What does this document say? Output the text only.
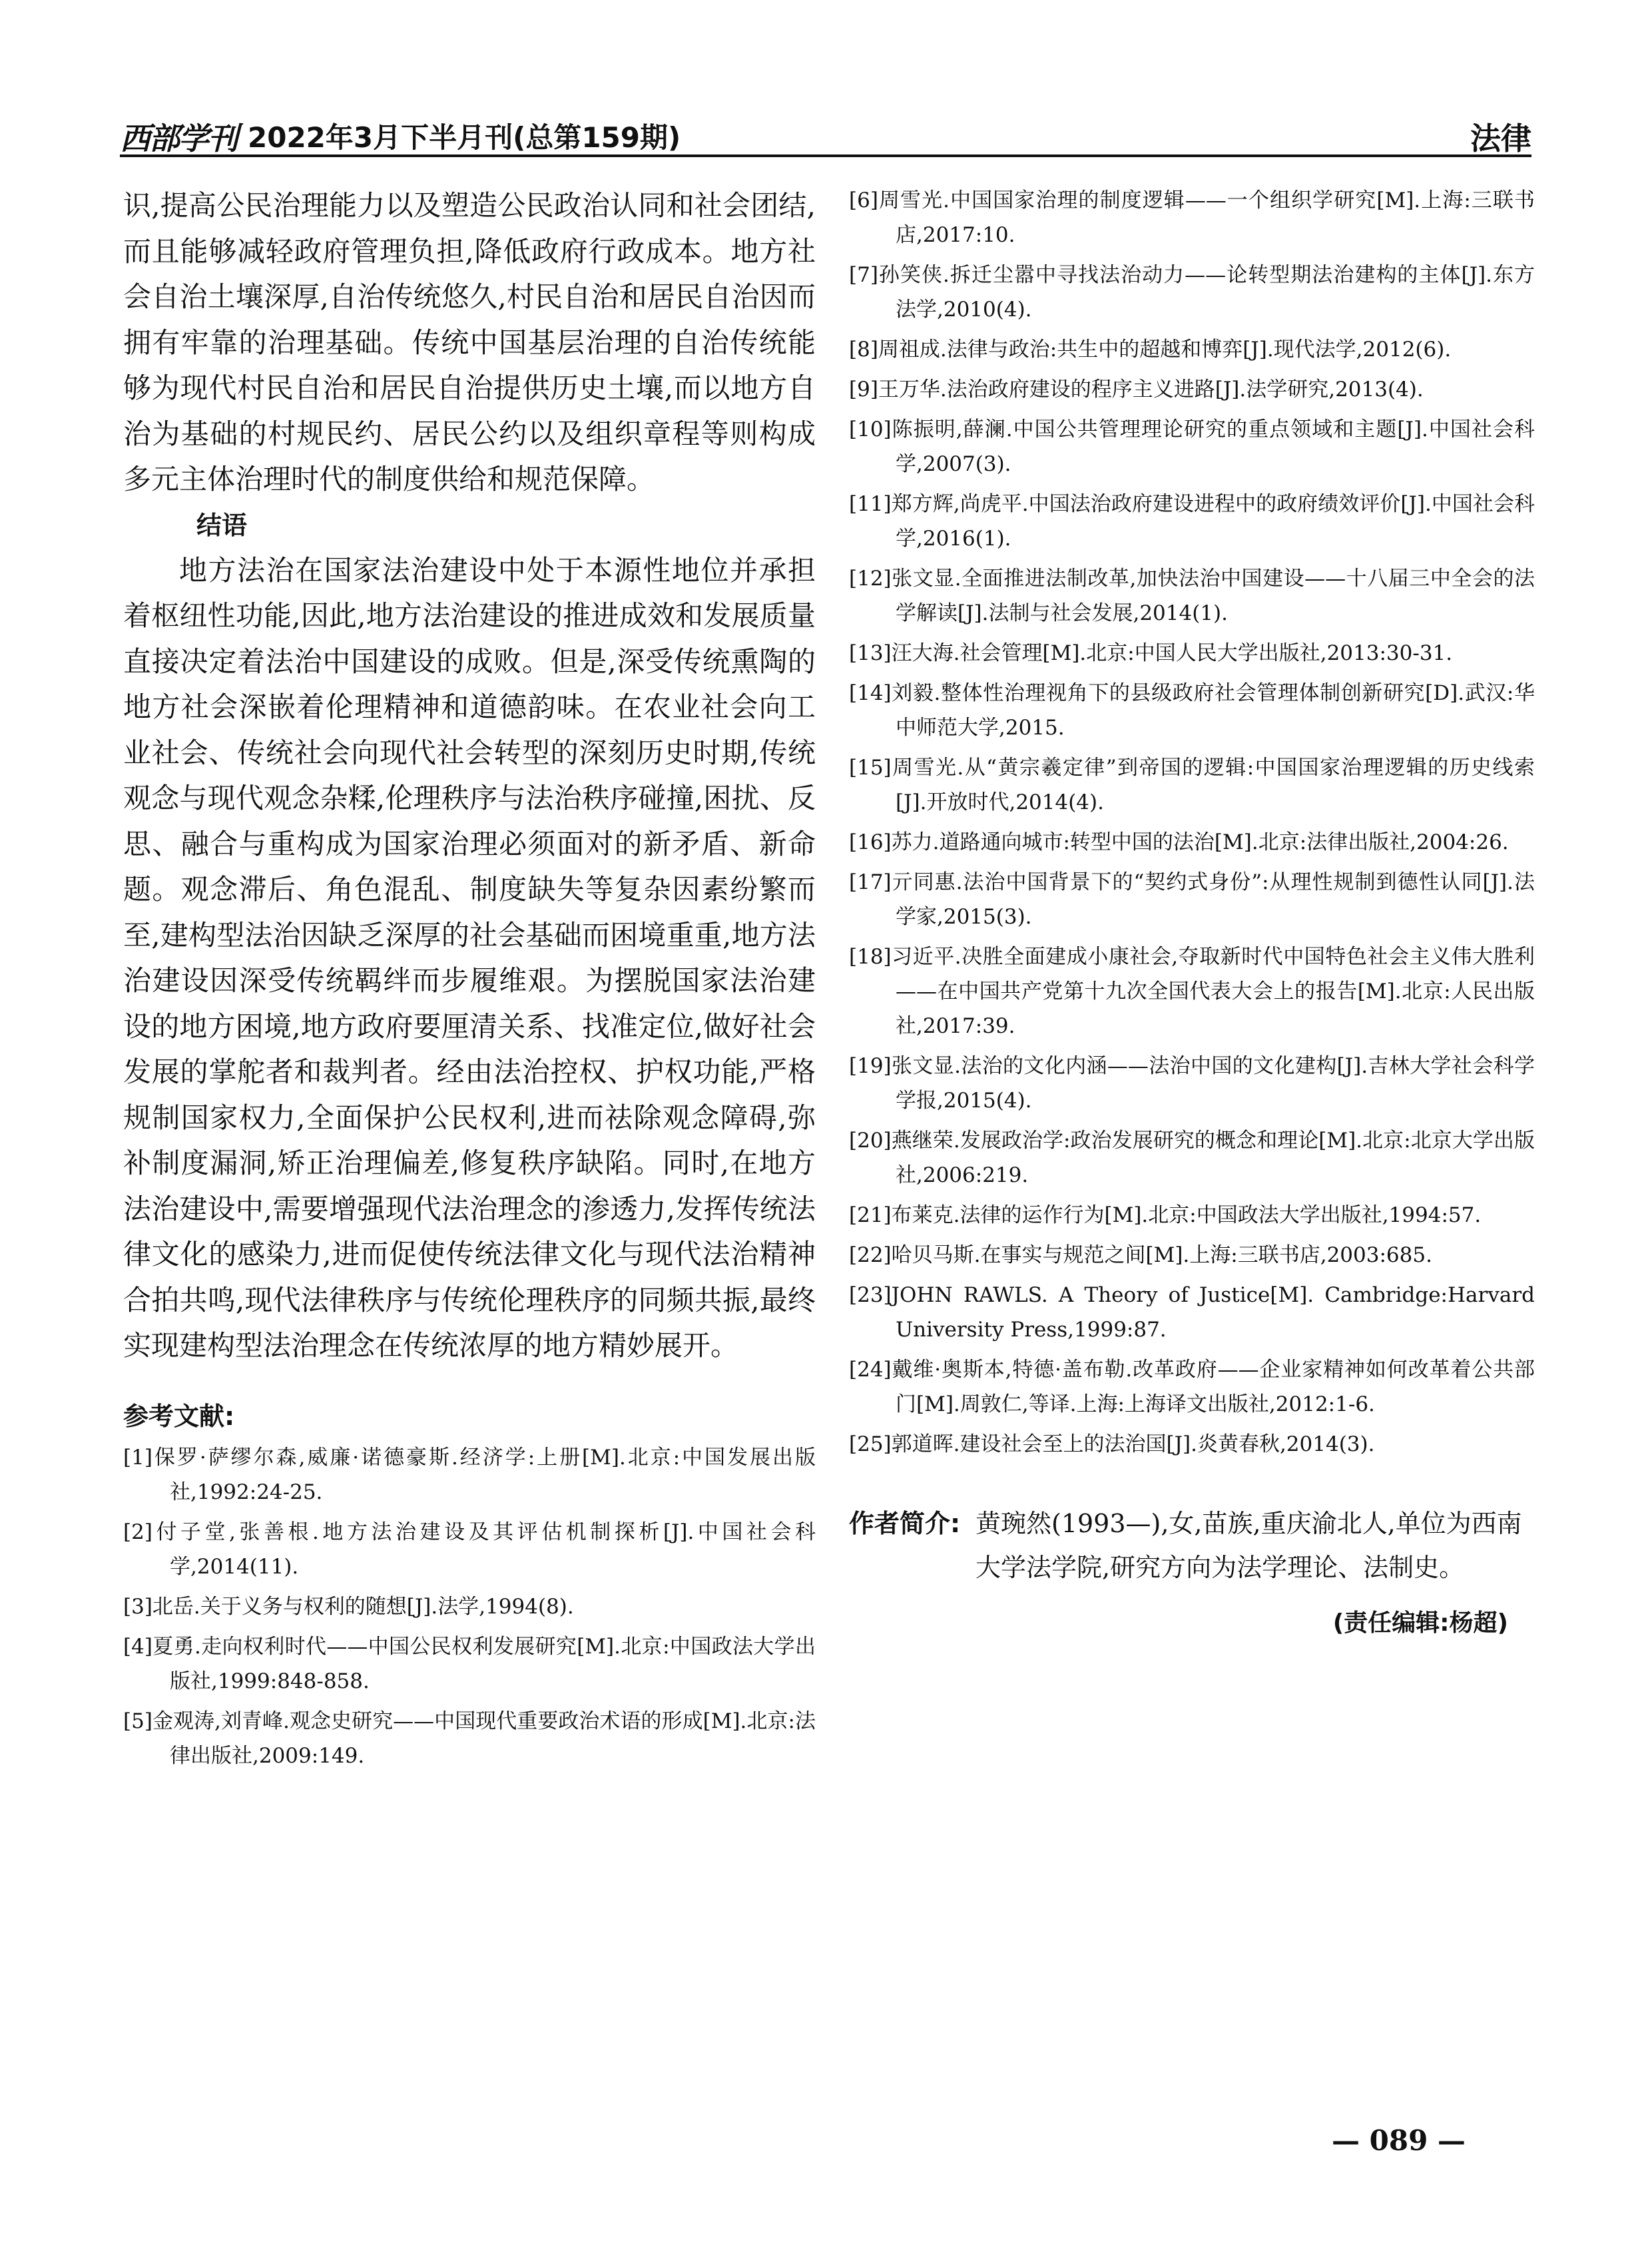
西部学刊 2022年3月下半月刊(总第159期)	法律

识,提高公民治理能力以及塑造公民政治认同和社会团结,而且能够减轻政府管理负担,降低政府行政成本。地方社会自治土壤深厚,自治传统悠久,村民自治和居民自治因而拥有牢靠的治理基础。传统中国基层治理的自治传统能够为现代村民自治和居民自治提供历史土壤,而以地方自治为基础的村规民约、居民公约以及组织章程等则构成多元主体治理时代的制度供给和规范保障。

结语

地方法治在国家法治建设中处于本源性地位并承担着枢纽性功能,因此,地方法治建设的推进成效和发展质量直接决定着法治中国建设的成败。但是,深受传统熏陶的地方社会深嵌着伦理精神和道德韵味。在农业社会向工业社会、传统社会向现代社会转型的深刻历史时期,传统观念与现代观念杂糅,伦理秩序与法治秩序碰撞,困扰、反思、融合与重构成为国家治理必须面对的新矛盾、新命题。观念滞后、角色混乱、制度缺失等复杂因素纷繁而至,建构型法治因缺乏深厚的社会基础而困境重重,地方法治建设因深受传统羁绊而步履维艰。为摆脱国家法治建设的地方困境,地方政府要厘清关系、找准定位,做好社会发展的掌舵者和裁判者。经由法治控权、护权功能,严格规制国家权力,全面保护公民权利,进而祛除观念障碍,弥补制度漏洞,矫正治理偏差,修复秩序缺陷。同时,在地方法治建设中,需要增强现代法治理念的渗透力,发挥传统法律文化的感染力,进而促使传统法律文化与现代法治精神合拍共鸣,现代法律秩序与传统伦理秩序的同频共振,最终实现建构型法治理念在传统浓厚的地方精妙展开。

参考文献:

[1]保罗·萨缪尔森,威廉·诺德豪斯.经济学:上册[M].北京:中国发展出版社,1992:24-25.

[2]付子堂,张善根.地方法治建设及其评估机制探析[J].中国社会科学,2014(11).

[3]北岳.关于义务与权利的随想[J].法学,1994(8).

[4]夏勇.走向权利时代——中国公民权利发展研究[M].北京:中国政法大学出版社,1999:848-858.

[5]金观涛,刘青峰.观念史研究——中国现代重要政治术语的形成[M].北京:法律出版社,2009:149.

[6]周雪光.中国国家治理的制度逻辑——一个组织学研究[M].上海:三联书店,2017:10.

[7]孙笑侠.拆迁尘嚣中寻找法治动力——论转型期法治建构的主体[J].东方法学,2010(4).

[8]周祖成.法律与政治:共生中的超越和博弈[J].现代法学,2012(6).

[9]王万华.法治政府建设的程序主义进路[J].法学研究,2013(4).

[10]陈振明,薛澜.中国公共管理理论研究的重点领域和主题[J].中国社会科学,2007(3).

[11]郑方辉,尚虎平.中国法治政府建设进程中的政府绩效评价[J].中国社会科学,2016(1).

[12]张文显.全面推进法制改革,加快法治中国建设——十八届三中全会的法学解读[J].法制与社会发展,2014(1).

[13]汪大海.社会管理[M].北京:中国人民大学出版社,2013:30-31.

[14]刘毅.整体性治理视角下的县级政府社会管理体制创新研究[D].武汉:华中师范大学,2015.

[15]周雪光.从“黄宗羲定律”到帝国的逻辑:中国国家治理逻辑的历史线索[J].开放时代,2014(4).

[16]苏力.道路通向城市:转型中国的法治[M].北京:法律出版社,2004:26.

[17]亓同惠.法治中国背景下的“契约式身份”:从理性规制到德性认同[J].法学家,2015(3).

[18]习近平.决胜全面建成小康社会,夺取新时代中国特色社会主义伟大胜利——在中国共产党第十九次全国代表大会上的报告[M].北京:人民出版社,2017:39.

[19]张文显.法治的文化内涵——法治中国的文化建构[J].吉林大学社会科学学报,2015(4).

[20]燕继荣.发展政治学:政治发展研究的概念和理论[M].北京:北京大学出版社,2006:219.

[21]布莱克.法律的运作行为[M].北京:中国政法大学出版社,1994:57.

[22]哈贝马斯.在事实与规范之间[M].上海:三联书店,2003:685.

[23]JOHN RAWLS. A Theory of Justice[M]. Cambridge:Harvard University Press,1999:87.

[24]戴维·奥斯本,特德·盖布勒.改革政府——企业家精神如何改革着公共部门[M].周敦仁,等译.上海:上海译文出版社,2012:1-6.

[25]郭道晖.建设社会至上的法治国[J].炎黄春秋,2014(3).

作者简介: 黄琬然(1993—),女,苗族,重庆渝北人,单位为西南大学法学院,研究方向为法学理论、法制史。

(责任编辑:杨超)
— 089 —
